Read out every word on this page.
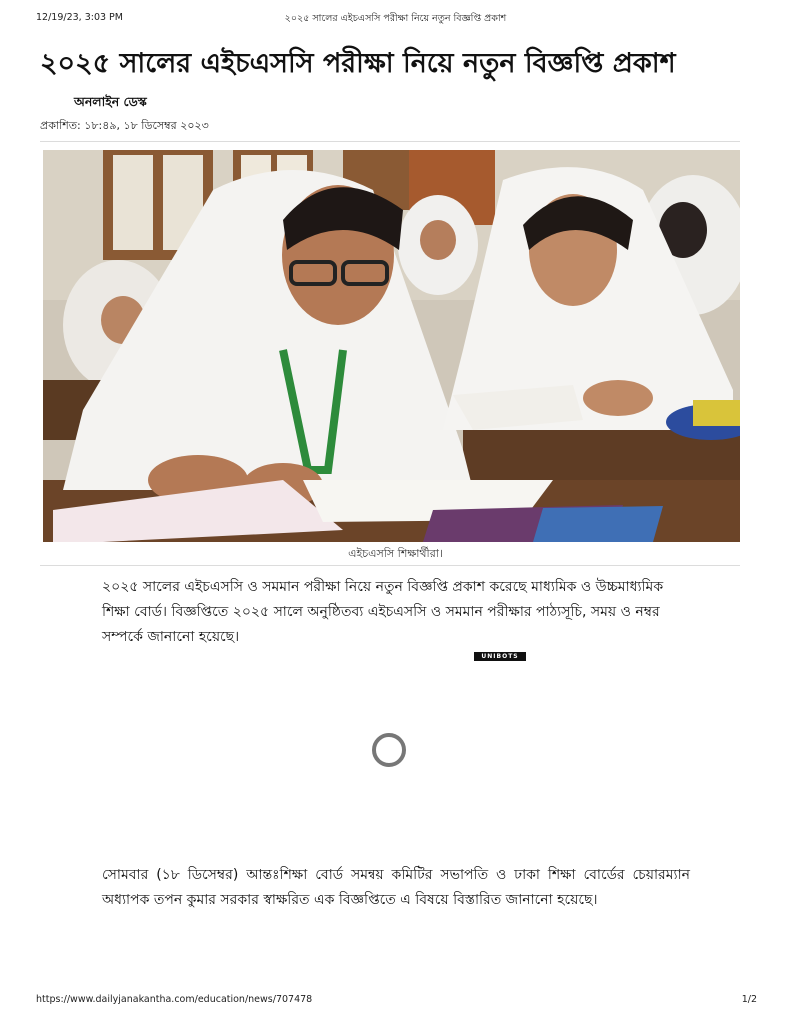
12/19/23, 3:03 PM	২০২৫ সালের এইচএসসি পরীক্ষা নিয়ে নতুন বিজ্ঞপ্তি প্রকাশ
২০২৫ সালের এইচএসসি পরীক্ষা নিয়ে নতুন বিজ্ঞপ্তি প্রকাশ
অনলাইন ডেস্ক
প্রকাশিত: ১৮:৪৯, ১৮ ডিসেম্বর ২০২৩
এইচএসসি শিক্ষার্থীরা।

২০২৫ সালের এইচএসসি ও সমমান পরীক্ষা নিয়ে নতুন বিজ্ঞপ্তি প্রকাশ করেছে মাধ্যমিক ও উচ্চমাধ্যমিক শিক্ষা বোর্ড। বিজ্ঞপ্তিতে ২০২৫ সালে অনুষ্ঠিতব্য এইচএসসি ও সমমান পরীক্ষার পাঠ্যসূচি, সময় ও নম্বর সম্পর্কে জানানো হয়েছে।

UNIBOTS

সোমবার (১৮ ডিসেম্বর) আন্তঃশিক্ষা বোর্ড সমন্বয় কমিটির সভাপতি ও ঢাকা শিক্ষা বোর্ডের চেয়ারম্যান অধ্যাপক তপন কুমার সরকার স্বাক্ষরিত এক বিজ্ঞপ্তিতে এ বিষয়ে বিস্তারিত জানানো হয়েছে।

https://www.dailyjanakantha.com/education/news/707478	1/2
